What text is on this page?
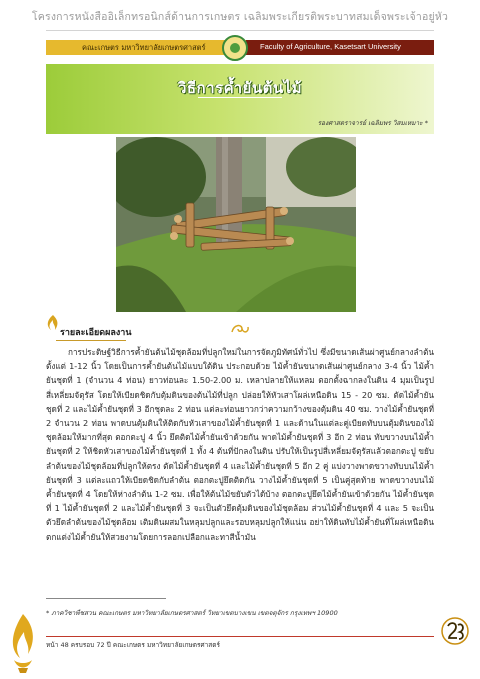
โครงการหนังสืออิเล็กทรอนิกส์ด้านการเกษตร เฉลิมพระเกียรติพระบาทสมเด็จพระเจ้าอยู่หัว
คณะเกษตร มหาวิทยาลัยเกษตรศาสตร์	Faculty of Agriculture, Kasetsart University
วิธีการค้ำยันต้นไม้
รองศาสตราจารย์ เฉลิมพร วิสมเหมาะ *
รายละเอียดผลงาน

การประดิษฐ์วิธีการค้ำยันต้นไม้ชุดล้อมที่ปลูกใหม่ในการจัดภูมิทัศน์ทั่วไป ซึ่งมีขนาดเส้นผ่าศูนย์กลางลำต้นตั้งแต่ 1-12 นิ้ว โดยเป็นการค้ำยันต้นไม้แบบใต้ดิน ประกอบด้วย ไม้ค้ำยันขนาดเส้นผ่าศูนย์กลาง 3-4 นิ้ว ไม้ค้ำยันชุดที่ 1 (จำนวน 4 ท่อน) ยาวท่อนละ 1.50-2.00 ม. เหลาปลายให้แหลม ตอกตั้งฉากลงในดิน 4 มุมเป็นรูปสี่เหลี่ยมจัตุรัส โดยให้เบียดชิดกับตุ้มดินของต้นไม้ที่ปลูก ปล่อยให้หัวเสาโผล่เหนือดิน 15 - 20 ซม. ตัดไม้ค้ำยันชุดที่ 2 และไม้ค้ำยันชุดที่ 3 อีกชุดละ 2 ท่อน แต่ละท่อนยาวกว่าความกว้างของตุ้มดิน 40 ซม. วางไม้ค้ำยันชุดที่ 2 จำนวน 2 ท่อน พาดบนตุ้มดินให้ติดกับหัวเสาของไม้ค้ำยันชุดที่ 1 และด้านในแต่ละคู่เบียดทับบนตุ้มดินของไม้ชุดล้อมให้มากที่สุด ตอกตะปู 4 นิ้ว ยึดติดไม้ค้ำยันเข้าด้วยกัน พาดไม้ค้ำยันชุดที่ 3 อีก 2 ท่อน ทับขวางบนไม้ค้ำยันชุดที่ 2 ให้ชิดหัวเสาของไม้ค้ำยันชุดที่ 1 ทั้ง 4 ต้นที่ปักลงในดิน ปรับให้เป็นรูปสี่เหลี่ยมจัตุรัสแล้วตอกตะปู ขยับลำต้นของไม้ชุดล้อมที่ปลูกให้ตรง ตัดไม้ค้ำยันชุดที่ 4 และไม้ค้ำยันชุดที่ 5 อีก 2 คู่ แบ่งวางพาดขวางทับบนไม้ค้ำยันชุดที่ 3 แต่ละแถวให้เบียดชิดกับลำต้น ตอกตะปูยึดติดกัน วางไม้ค้ำยันชุดที่ 5 เป็นคู่สุดท้าย พาดขวางบนไม้ค้ำยันชุดที่ 4 โดยให้ห่างลำต้น 1-2 ซม. เพื่อให้ต้นไม้ขยับตัวได้บ้าง ตอกตะปูยึดไม้ค้ำยันเข้าด้วยกัน ไม้ค้ำยันชุดที่ 1 ไม้ค้ำยันชุดที่ 2 และไม้ค้ำยันชุดที่ 3 จะเป็นตัวยึดตุ้มดินของไม้ชุดล้อม ส่วนไม้ค้ำยันชุดที่ 4 และ 5 จะเป็นตัวยึดลำต้นของไม้ชุดล้อม เติมดินผสมในหลุมปลูกและรอบหลุมปลูกให้แน่น อย่าให้ดินทับไม้ค้ำยันที่โผล่เหนือดิน ตกแต่งไม้ค้ำยันให้สวยงามโดยการลอกเปลือกและทาสีน้ำมัน

* ภาควิชาพืชสวน คณะเกษตร มหาวิทยาลัยเกษตรศาสตร์ วิทยาเขตบางเขน เขตจตุจักร กรุงเทพฯ 10900
หน้า 48 ครบรอบ 72 ปี คณะเกษตร มหาวิทยาลัยเกษตรศาสตร์
